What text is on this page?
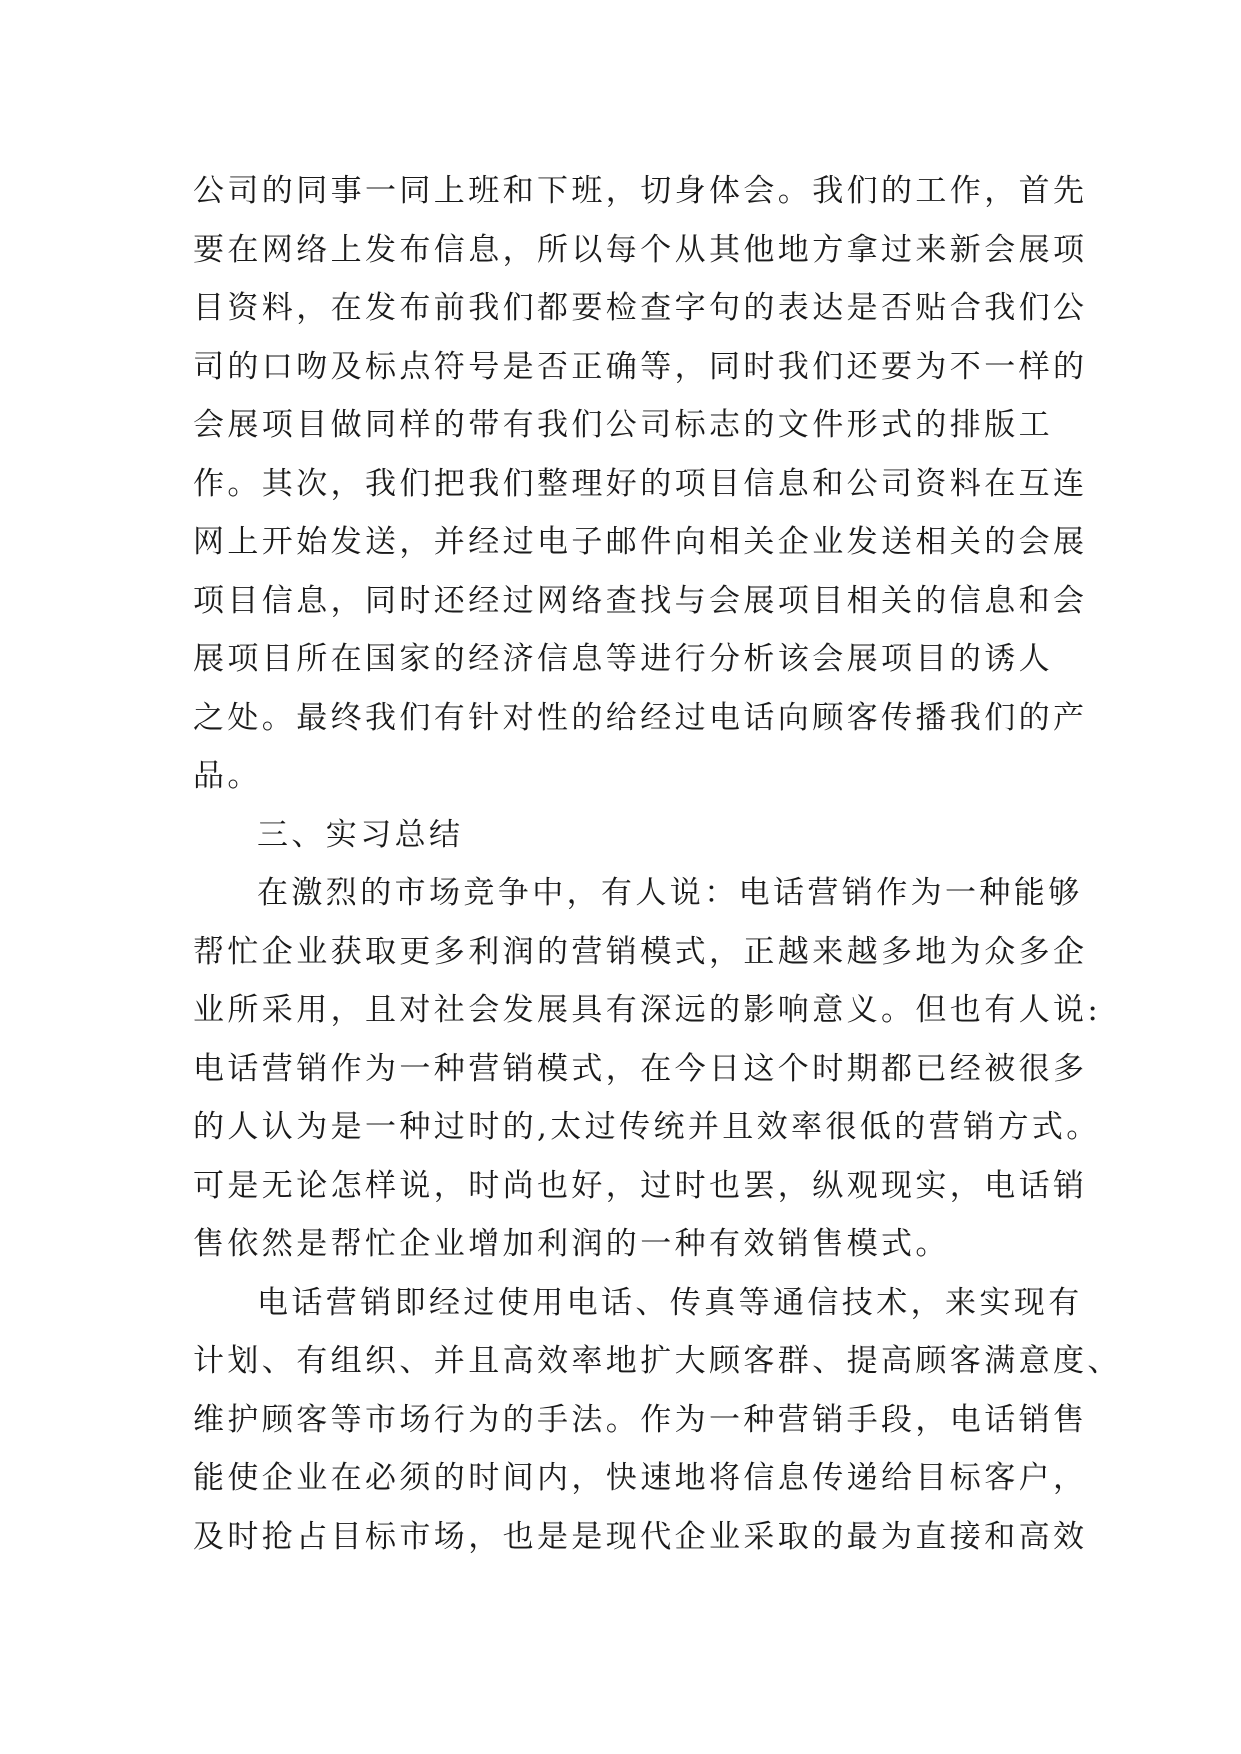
公司的同事一同上班和下班，切身体会。我们的工作，首先
要在网络上发布信息，所以每个从其他地方拿过来新会展项
目资料，在发布前我们都要检查字句的表达是否贴合我们公
司的口吻及标点符号是否正确等，同时我们还要为不一样的
会展项目做同样的带有我们公司标志的文件形式的排版工
作。其次，我们把我们整理好的项目信息和公司资料在互连
网上开始发送，并经过电子邮件向相关企业发送相关的会展
项目信息，同时还经过网络查找与会展项目相关的信息和会
展项目所在国家的经济信息等进行分析该会展项目的诱人
之处。最终我们有针对性的给经过电话向顾客传播我们的产
品。
三、实习总结
在激烈的市场竞争中，有人说：电话营销作为一种能够
帮忙企业获取更多利润的营销模式，正越来越多地为众多企
业所采用，且对社会发展具有深远的影响意义。但也有人说:
电话营销作为一种营销模式，在今日这个时期都已经被很多
的人认为是一种过时的,太过传统并且效率很低的营销方式。
可是无论怎样说，时尚也好，过时也罢，纵观现实，电话销
售依然是帮忙企业增加利润的一种有效销售模式。
电话营销即经过使用电话、传真等通信技术，来实现有
计划、有组织、并且高效率地扩大顾客群、提高顾客满意度、
维护顾客等市场行为的手法。作为一种营销手段，电话销售
能使企业在必须的时间内，快速地将信息传递给目标客户，
及时抢占目标市场，也是是现代企业采取的最为直接和高效
